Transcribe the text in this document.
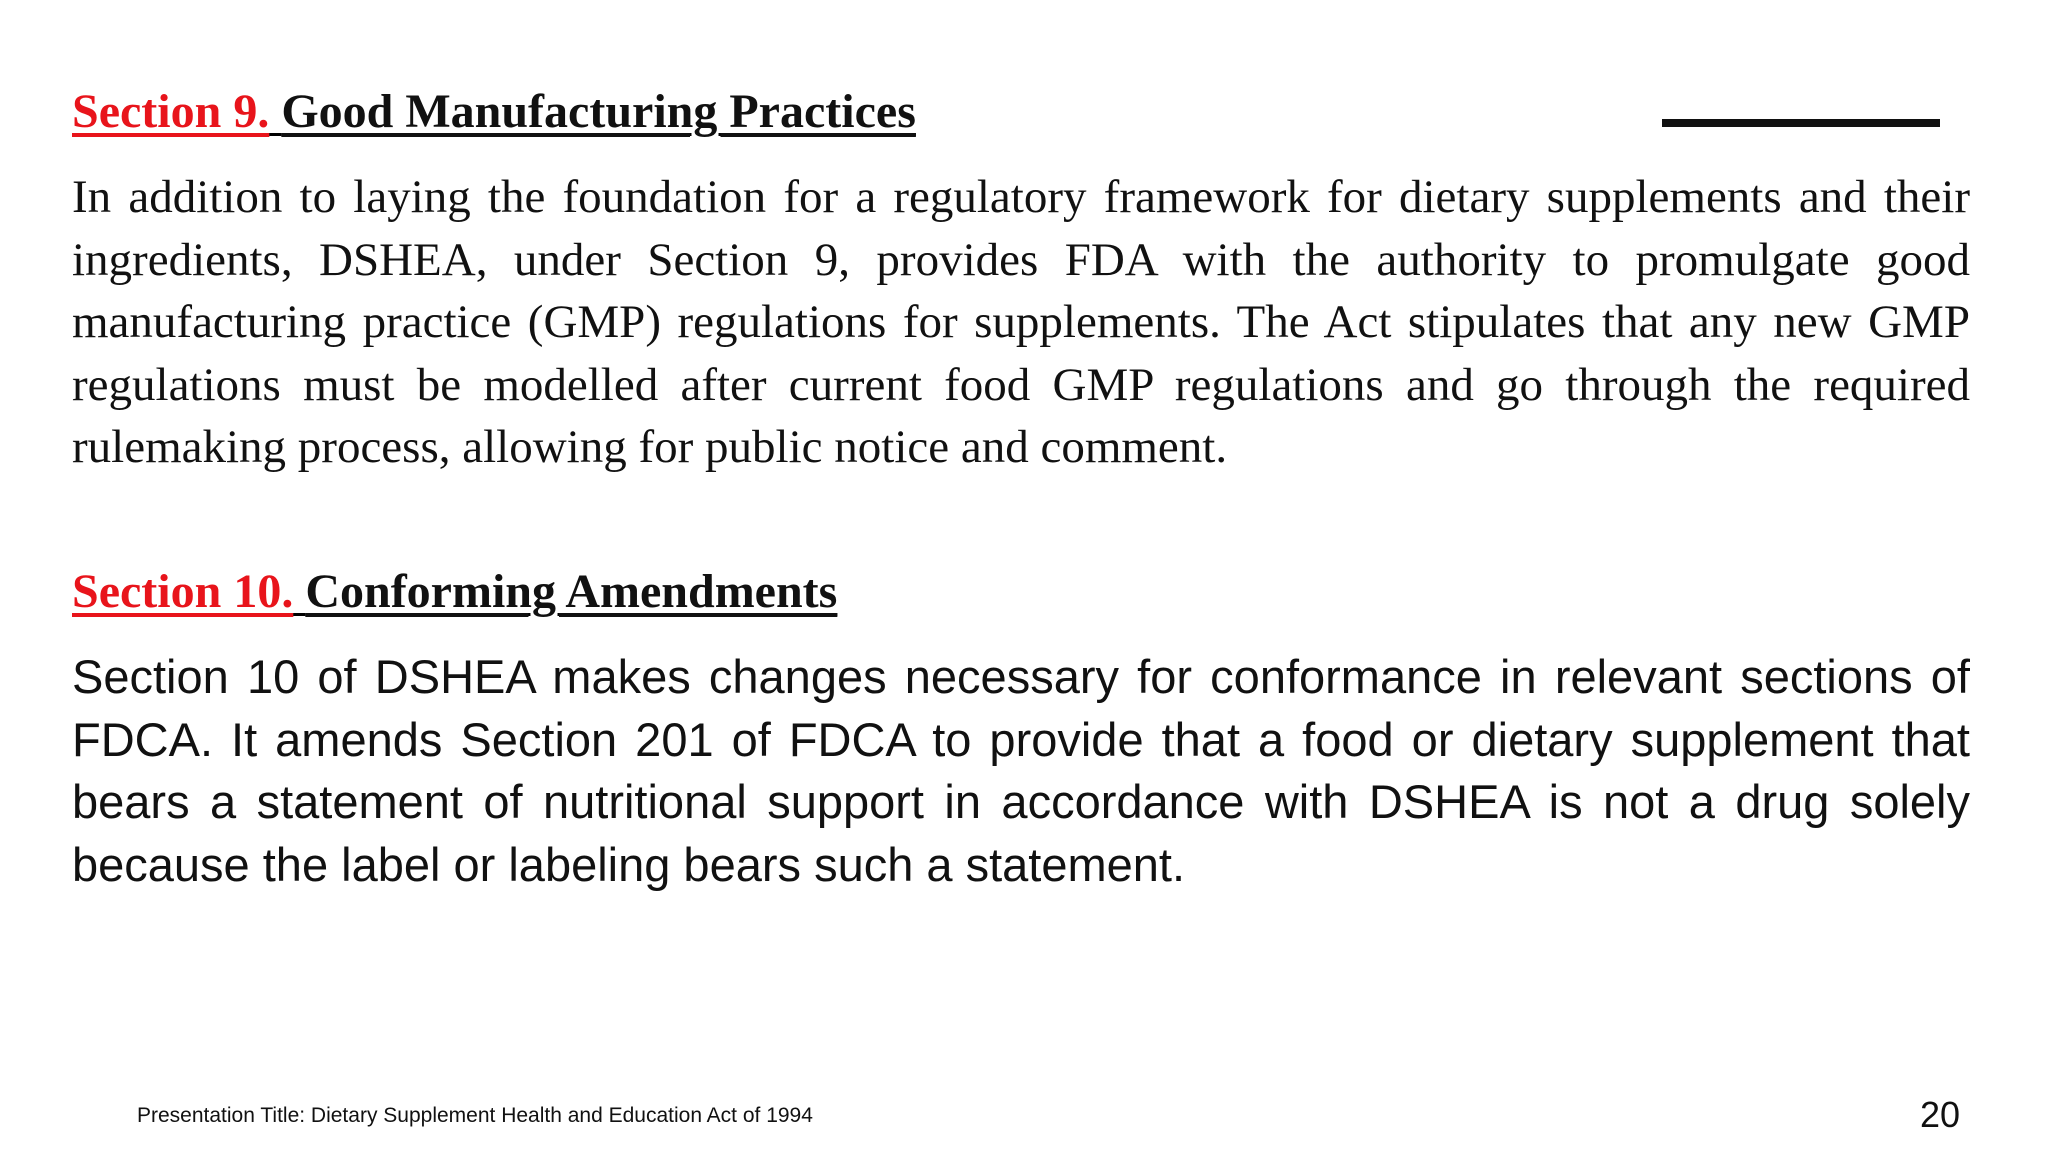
Section 9. Good Manufacturing Practices

In addition to laying the foundation for a regulatory framework for dietary supplements and their ingredients, DSHEA, under Section 9, provides FDA with the authority to promulgate good manufacturing practice (GMP) regulations for supplements. The Act stipulates that any new GMP regulations must be modelled after current food GMP regulations and go through the required rulemaking process, allowing for public notice and comment.

Section 10. Conforming Amendments

Section 10 of DSHEA makes changes necessary for conformance in relevant sections of FDCA. It amends Section 201 of FDCA to provide that a food or dietary supplement that bears a statement of nutritional support in accordance with DSHEA is not a drug solely because the label or labeling bears such a statement.

Presentation Title: Dietary Supplement Health and Education Act of 1994	20
